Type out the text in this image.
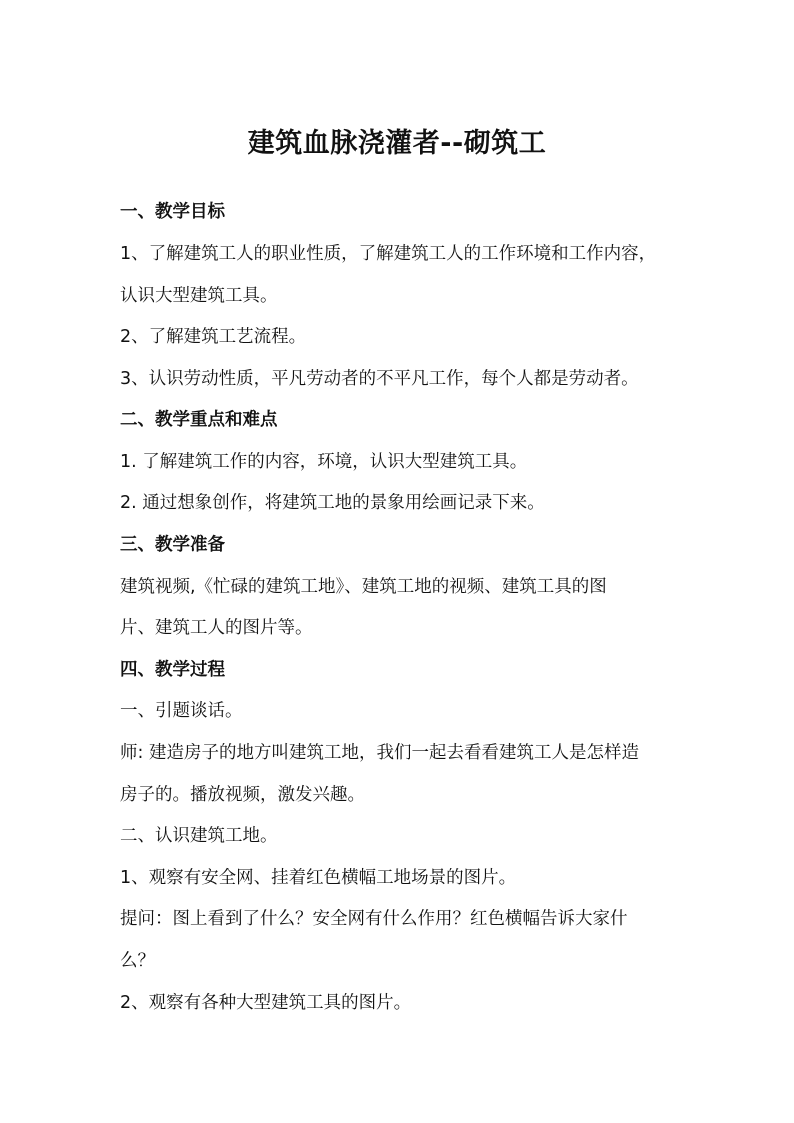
建筑血脉浇灌者--砌筑工
一、教学目标
1、了解建筑工人的职业性质，了解建筑工人的工作环境和工作内容，
认识大型建筑工具。
2、了解建筑工艺流程。
3、认识劳动性质，平凡劳动者的不平凡工作，每个人都是劳动者。
二、教学重点和难点
1. 了解建筑工作的内容，环境，认识大型建筑工具。
2. 通过想象创作，将建筑工地的景象用绘画记录下来。
三、教学准备
建筑视频,《忙碌的建筑工地》、建筑工地的视频、建筑工具的图
片、建筑工人的图片等。
四、教学过程
一、引题谈话。
师: 建造房子的地方叫建筑工地，我们一起去看看建筑工人是怎样造
房子的。播放视频，激发兴趣。
二、认识建筑工地。
1、观察有安全网、挂着红色横幅工地场景的图片。
提问：图上看到了什么？安全网有什么作用？红色横幅告诉大家什
么？
2、观察有各种大型建筑工具的图片。
